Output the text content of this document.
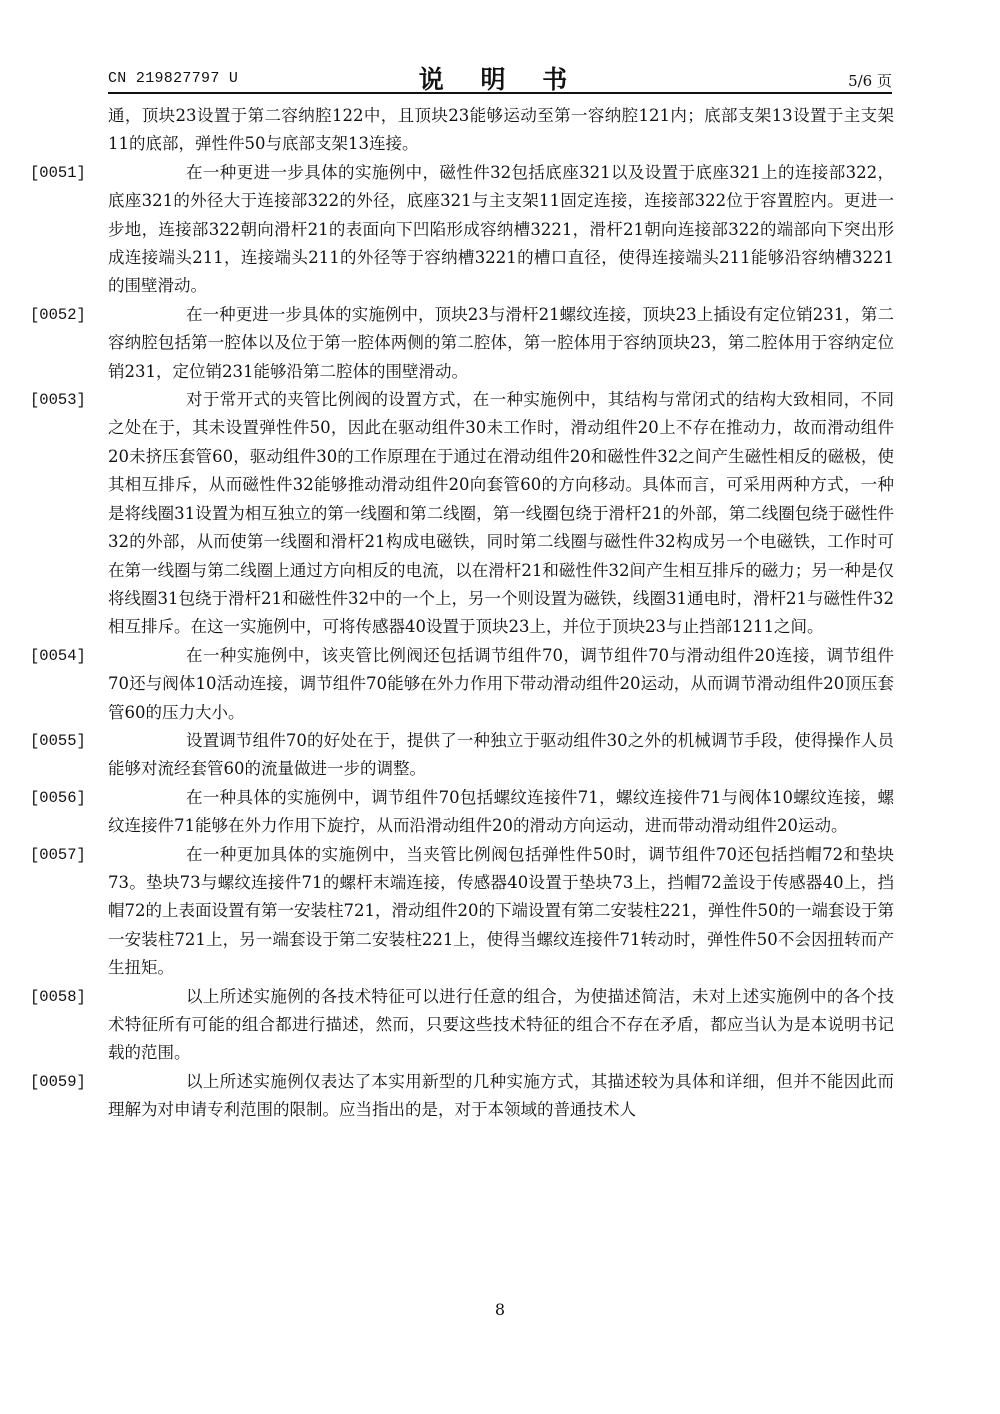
CN 219827797 U	说 明 书	5/6 页

通，顶块23设置于第二容纳腔122中，且顶块23能够运动至第一容纳腔121内；底部支架13设置于主支架11的底部，弹性件50与底部支架13连接。

[0051]	在一种更进一步具体的实施例中，磁性件32包括底座321以及设置于底座321上的连接部322，底座321的外径大于连接部322的外径，底座321与主支架11固定连接，连接部322位于容置腔内。更进一步地，连接部322朝向滑杆21的表面向下凹陷形成容纳槽3221，滑杆21朝向连接部322的端部向下突出形成连接端头211，连接端头211的外径等于容纳槽3221的槽口直径，使得连接端头211能够沿容纳槽3221的围壁滑动。

[0052]	在一种更进一步具体的实施例中，顶块23与滑杆21螺纹连接，顶块23上插设有定位销231，第二容纳腔包括第一腔体以及位于第一腔体两侧的第二腔体，第一腔体用于容纳顶块23，第二腔体用于容纳定位销231，定位销231能够沿第二腔体的围壁滑动。

[0053]	对于常开式的夹管比例阀的设置方式，在一种实施例中，其结构与常闭式的结构大致相同，不同之处在于，其未设置弹性件50，因此在驱动组件30未工作时，滑动组件20上不存在推动力，故而滑动组件20未挤压套管60，驱动组件30的工作原理在于通过在滑动组件20和磁性件32之间产生磁性相反的磁极，使其相互排斥，从而磁性件32能够推动滑动组件20向套管60的方向移动。具体而言，可采用两种方式，一种是将线圈31设置为相互独立的第一线圈和第二线圈，第一线圈包绕于滑杆21的外部，第二线圈包绕于磁性件32的外部，从而使第一线圈和滑杆21构成电磁铁，同时第二线圈与磁性件32构成另一个电磁铁，工作时可在第一线圈与第二线圈上通过方向相反的电流，以在滑杆21和磁性件32间产生相互排斥的磁力；另一种是仅将线圈31包绕于滑杆21和磁性件32中的一个上，另一个则设置为磁铁，线圈31通电时，滑杆21与磁性件32相互排斥。在这一实施例中，可将传感器40设置于顶块23上，并位于顶块23与止挡部1211之间。

[0054]	在一种实施例中，该夹管比例阀还包括调节组件70，调节组件70与滑动组件20连接，调节组件70还与阀体10活动连接，调节组件70能够在外力作用下带动滑动组件20运动，从而调节滑动组件20顶压套管60的压力大小。

[0055]	设置调节组件70的好处在于，提供了一种独立于驱动组件30之外的机械调节手段，使得操作人员能够对流经套管60的流量做进一步的调整。

[0056]	在一种具体的实施例中，调节组件70包括螺纹连接件71，螺纹连接件71与阀体10螺纹连接，螺纹连接件71能够在外力作用下旋拧，从而沿滑动组件20的滑动方向运动，进而带动滑动组件20运动。

[0057]	在一种更加具体的实施例中，当夹管比例阀包括弹性件50时，调节组件70还包括挡帽72和垫块73。垫块73与螺纹连接件71的螺杆末端连接，传感器40设置于垫块73上，挡帽72盖设于传感器40上，挡帽72的上表面设置有第一安装柱721，滑动组件20的下端设置有第二安装柱221，弹性件50的一端套设于第一安装柱721上，另一端套设于第二安装柱221上，使得当螺纹连接件71转动时，弹性件50不会因扭转而产生扭矩。

[0058]	以上所述实施例的各技术特征可以进行任意的组合，为使描述简洁，未对上述实施例中的各个技术特征所有可能的组合都进行描述，然而，只要这些技术特征的组合不存在矛盾，都应当认为是本说明书记载的范围。

[0059]	以上所述实施例仅表达了本实用新型的几种实施方式，其描述较为具体和详细，但并不能因此而理解为对申请专利范围的限制。应当指出的是，对于本领域的普通技术人

8
